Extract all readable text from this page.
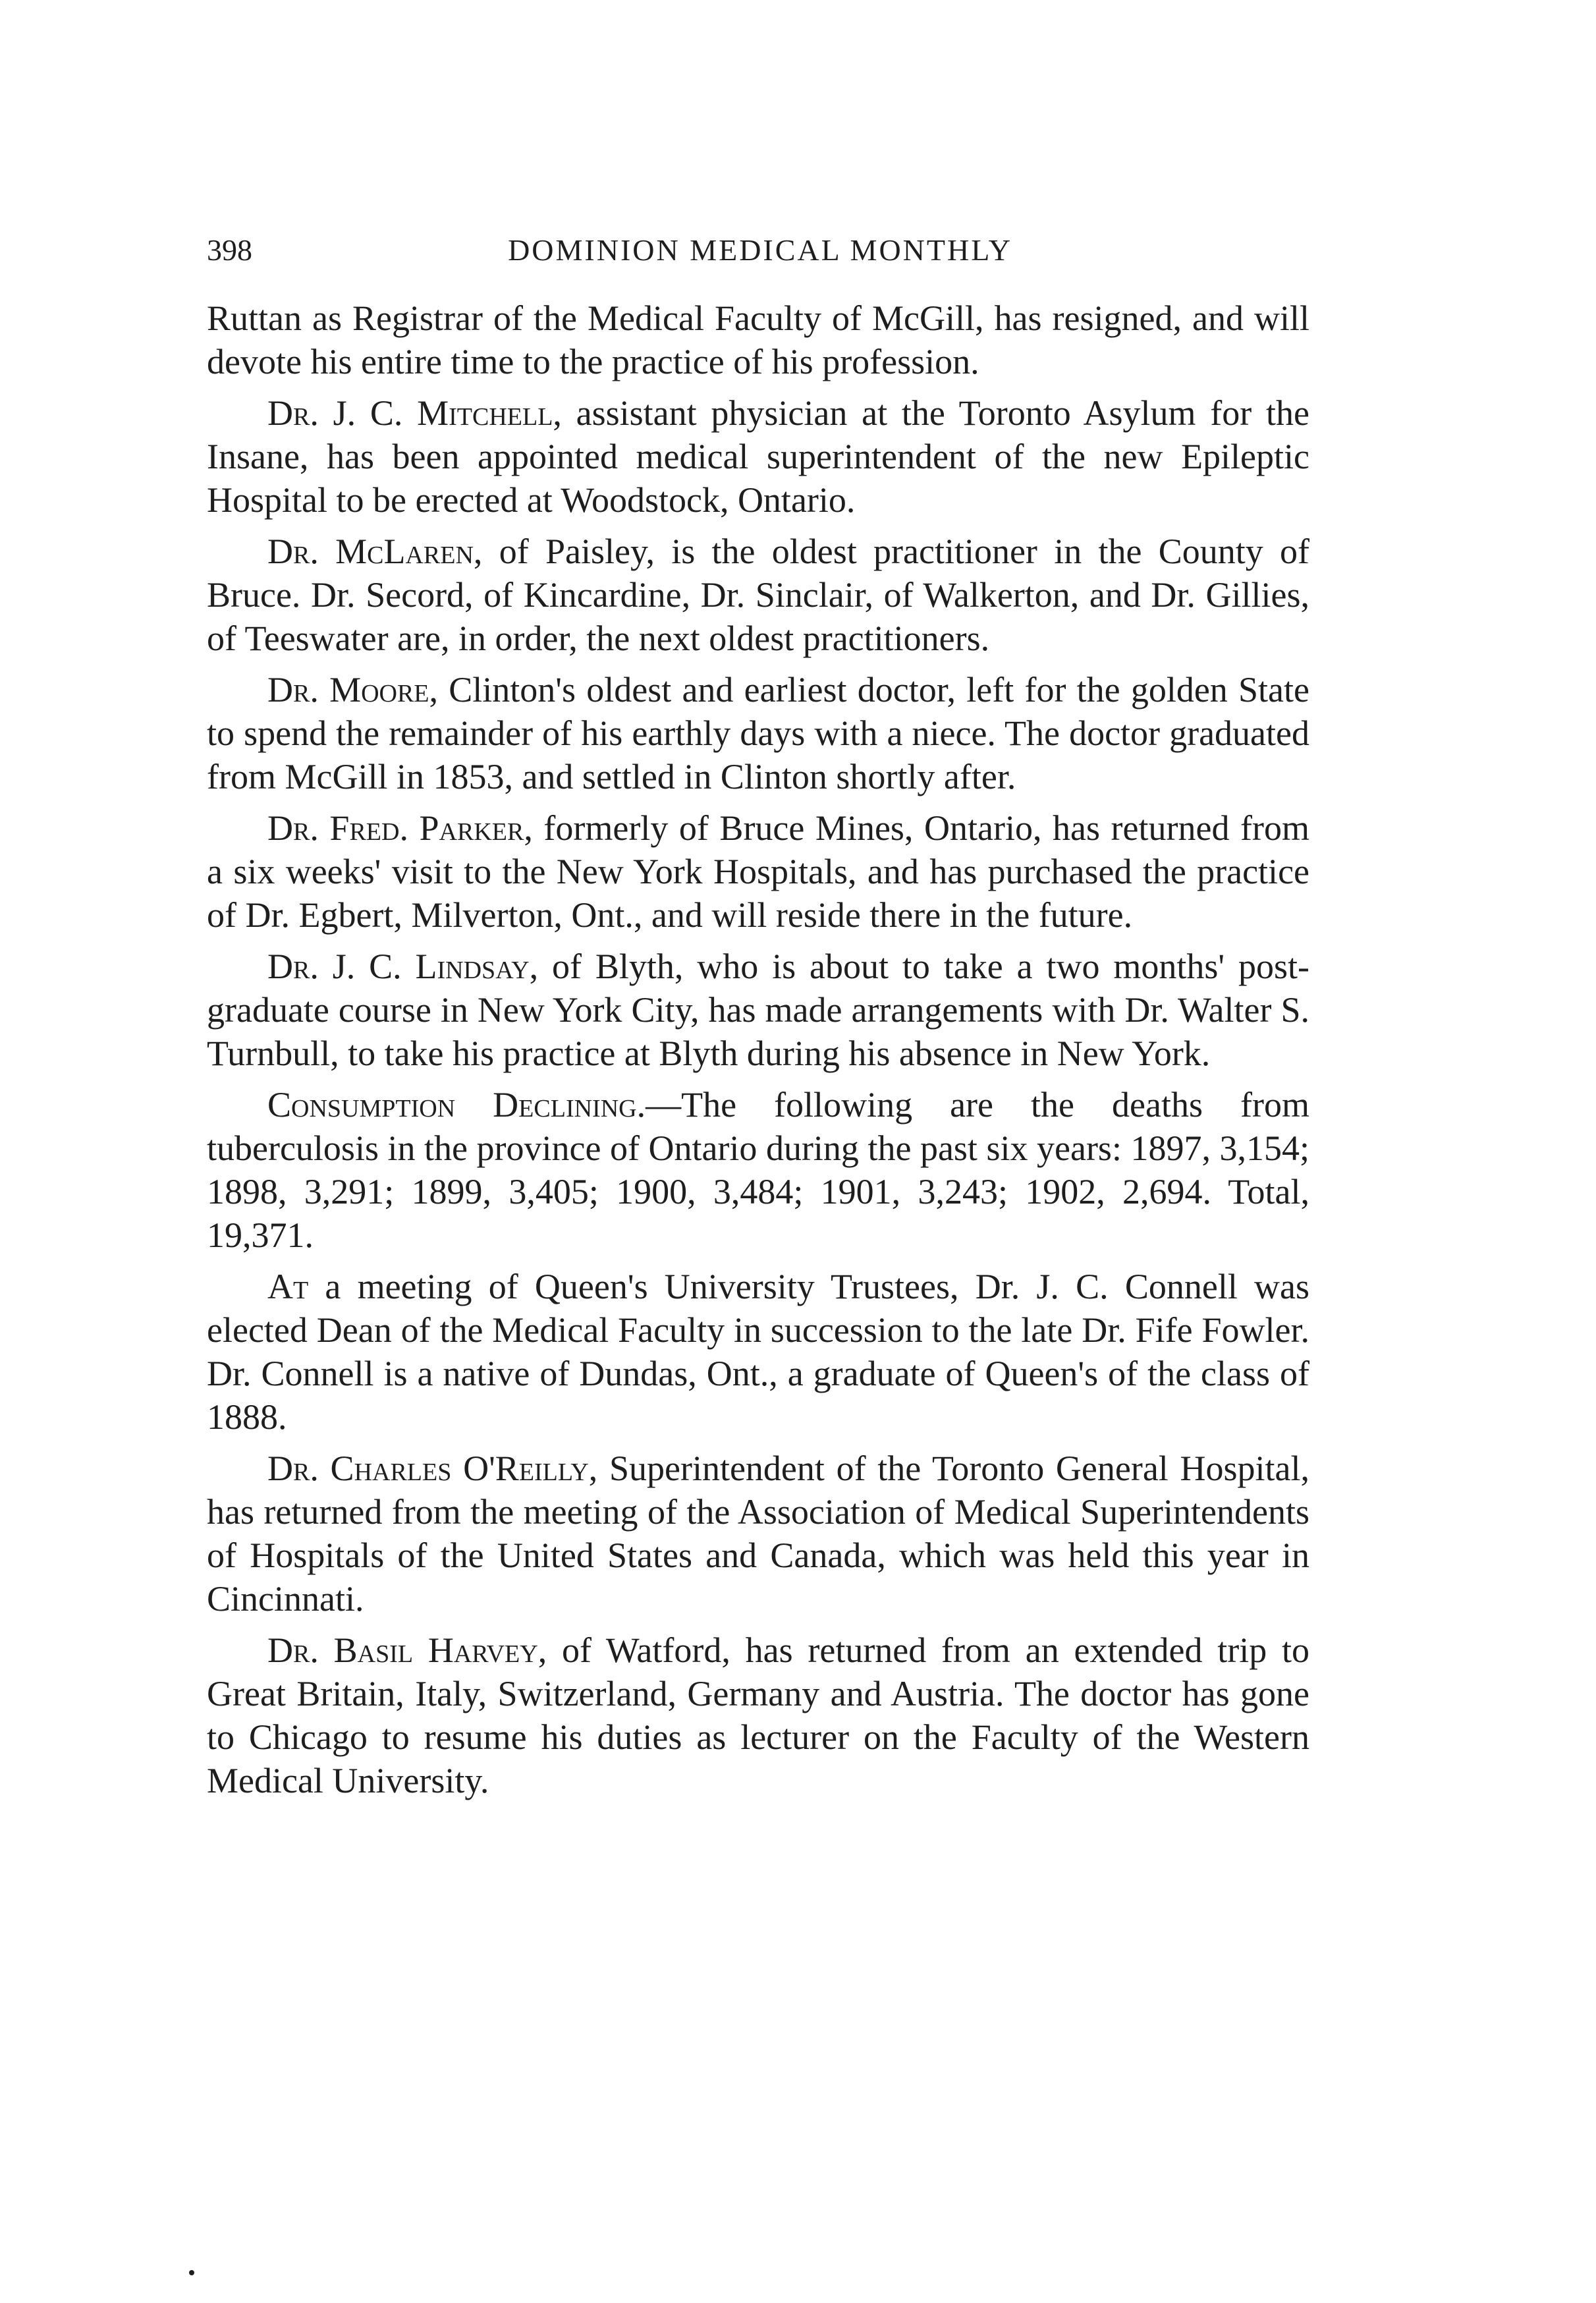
398	DOMINION MEDICAL MONTHLY

Ruttan as Registrar of the Medical Faculty of McGill, has resigned, and will devote his entire time to the practice of his profession.

Dr. J. C. Mitchell, assistant physician at the Toronto Asylum for the Insane, has been appointed medical superintendent of the new Epileptic Hospital to be erected at Woodstock, Ontario.

Dr. McLaren, of Paisley, is the oldest practitioner in the County of Bruce. Dr. Secord, of Kincardine, Dr. Sinclair, of Walkerton, and Dr. Gillies, of Teeswater are, in order, the next oldest practitioners.

Dr. Moore, Clinton's oldest and earliest doctor, left for the golden State to spend the remainder of his earthly days with a niece. The doctor graduated from McGill in 1853, and settled in Clinton shortly after.

Dr. Fred. Parker, formerly of Bruce Mines, Ontario, has returned from a six weeks' visit to the New York Hospitals, and has purchased the practice of Dr. Egbert, Milverton, Ont., and will reside there in the future.

Dr. J. C. Lindsay, of Blyth, who is about to take a two months' post-graduate course in New York City, has made arrangements with Dr. Walter S. Turnbull, to take his practice at Blyth during his absence in New York.

Consumption Declining.—The following are the deaths from tuberculosis in the province of Ontario during the past six years: 1897, 3,154; 1898, 3,291; 1899, 3,405; 1900, 3,484; 1901, 3,243; 1902, 2,694. Total, 19,371.

At a meeting of Queen's University Trustees, Dr. J. C. Connell was elected Dean of the Medical Faculty in succession to the late Dr. Fife Fowler. Dr. Connell is a native of Dundas, Ont., a graduate of Queen's of the class of 1888.

Dr. Charles O'Reilly, Superintendent of the Toronto General Hospital, has returned from the meeting of the Association of Medical Superintendents of Hospitals of the United States and Canada, which was held this year in Cincinnati.

Dr. Basil Harvey, of Watford, has returned from an extended trip to Great Britain, Italy, Switzerland, Germany and Austria. The doctor has gone to Chicago to resume his duties as lecturer on the Faculty of the Western Medical University.
